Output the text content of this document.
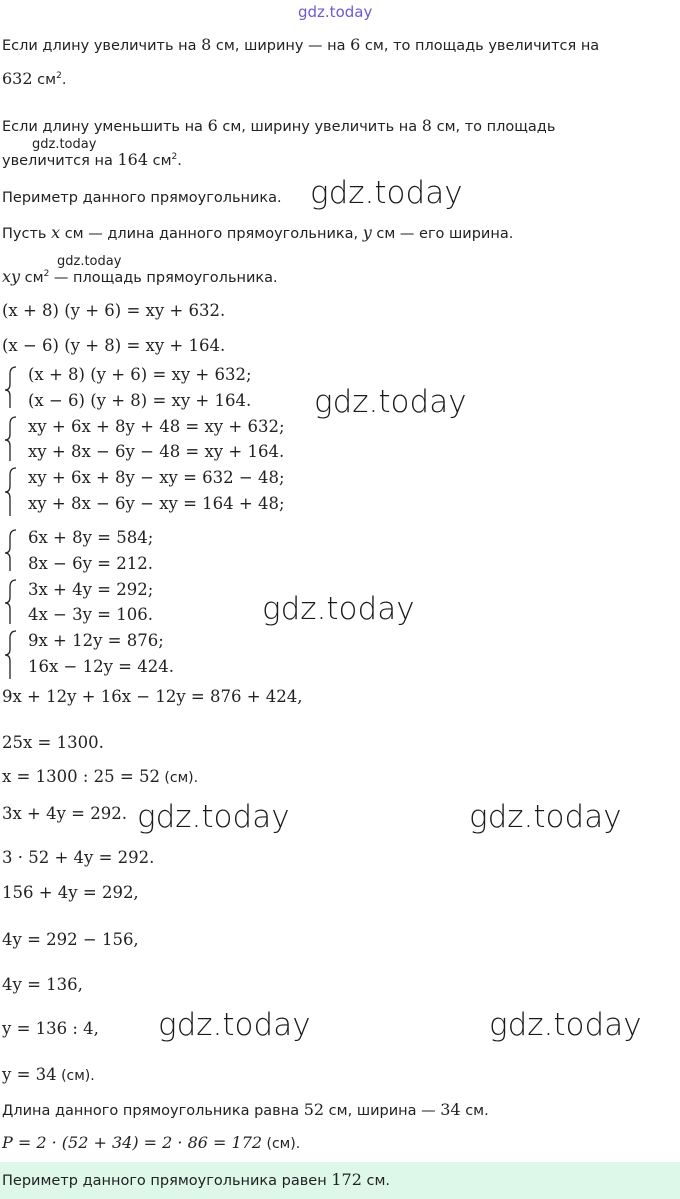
gdz.today
Если длину увеличить на 8 см, ширину — на 6 см, то площадь увеличится на
632 $см^2$.
Если длину уменьшить на 6 см, ширину увеличить на 8 см, то площадь
gdz.today
увеличится на 164 $см^2$.
Периметр данного прямоугольника. gdz.today
Пусть x см — длина данного прямоугольника, y см — его ширина.
gdz.today
xy $см^2$ — площадь прямоугольника.
(x + 8) (y + 6) = xy + 632.
(x − 6) (y + 8) = xy + 164.
(x + 8) (y + 6) = xy + 632;
(x − 6) (y + 8) = xy + 164.
xy + 6x + 8y + 48 = xy + 632;
xy + 8x − 6y − 48 = xy + 164.
xy + 6x + 8y − xy = 632 − 48;
xy + 8x − 6y − xy = 164 + 48;
gdz.today
6x + 8y = 584;
8x − 6y = 212.
3x + 4y = 292;
4x − 3y = 106.
9x + 12y = 876;
16x − 12y = 424.
gdz.today
9x + 12y + 16x − 12y = 876 + 424,
25x = 1300.
x = 1300 : 25 = 52 (см).
3x + 4y = 292. gdz.today	gdz.today
3 · 52 + 4y = 292.
156 + 4y = 292,
4y = 292 − 156,
4y = 136,
y = 136 : 4, gdz.today	gdz.today
y = 34 (см).
Длина данного прямоугольника равна 52 см, ширина — 34 см.
P = 2 · (52 + 34) = 2 · 86 = 172 (см).
Периметр данного прямоугольника равен 172 см.
